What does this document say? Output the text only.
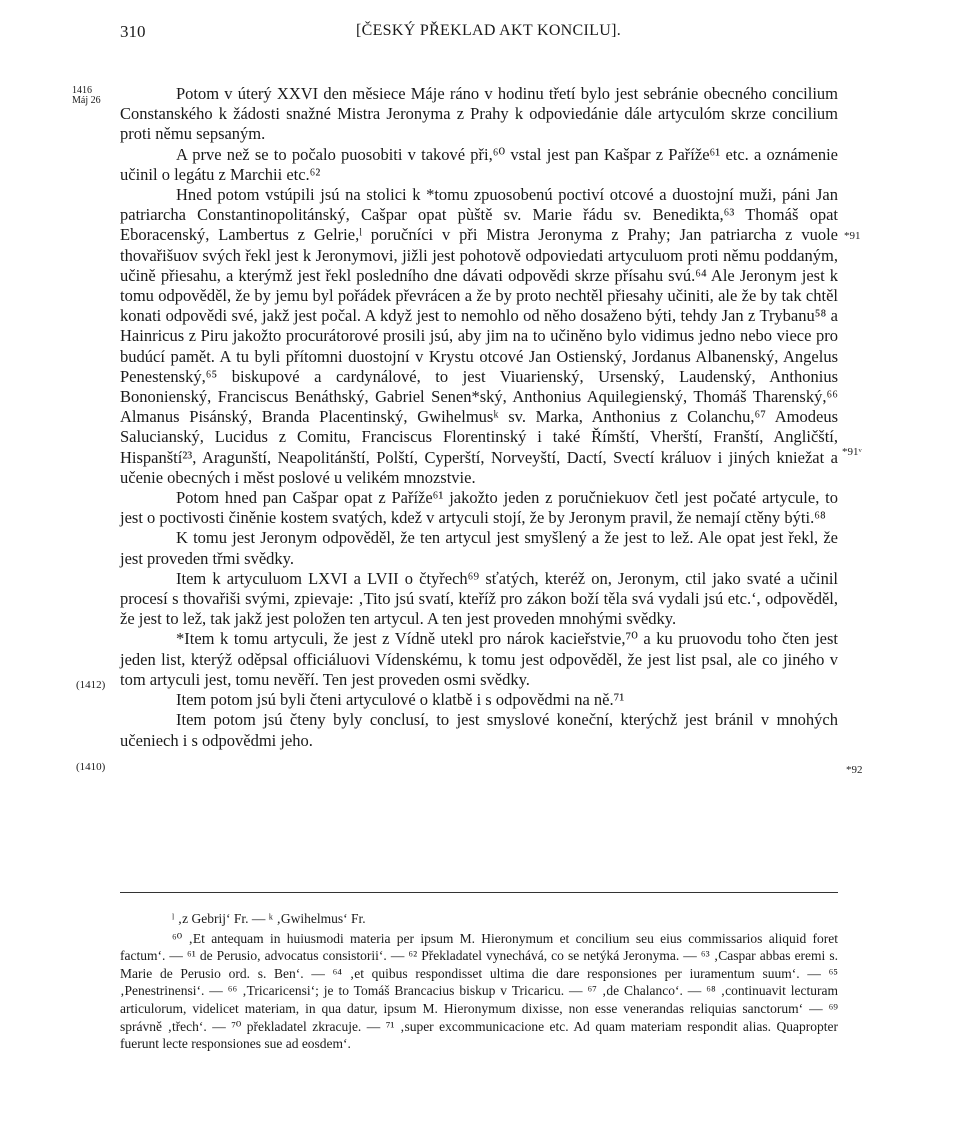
310	[ČESKÝ PŘEKLAD AKT KONCILU].
1416
Máj 26
(1412)
(1410)
*91
*91ᵛ
*92

Potom v úterý XXVI den měsiece Máje ráno v hodinu třetí bylo jest sebránie obecného concilium Constanského k žádosti snažné Mistra Jeronyma z Prahy k odpoviedánie dále artyculóm skrze concilium proti němu sepsaným.

A prve než se to počalo puosobiti v takové při,⁶⁰ vstal jest pan Kašpar z Paříže⁶¹ etc. a oznámenie učinil o legátu z Marchii etc.⁶²

Hned potom vstúpili jsú na stolici k *tomu zpuosobenú poctiví otcové a duostojní muži, páni Jan patriarcha Constantinopolitánský, Cašpar opat pùště sv. Marie řádu sv. Benedikta,⁶³ Thomáš opat Eboracenský, Lambertus z Gelrie,ˡ poručníci v při Mistra Jeronyma z Prahy; Jan patriarcha z vuole thovařišuov svých řekl jest k Jeronymovi, jižli jest pohotově odpoviedati artyculuom proti němu poddaným, učině přiesahu, a kterýmž jest řekl posledního dne dávati odpovědi skrze přísahu svú.⁶⁴ Ale Jeronym jest k tomu odpověděl, že by jemu byl pořádek převrácen a že by proto nechtěl přiesahy učiniti, ale že by tak chtěl konati odpovědi své, jakž jest počal. A když jest to nemohlo od něho dosaženo býti, tehdy Jan z Trybanu⁵⁸ a Hainricus z Piru jakožto procurátorové prosili jsú, aby jim na to učiněno bylo vidimus jedno nebo viece pro budúcí pamět. A tu byli přítomni duostojní v Krystu otcové Jan Ostienský, Jordanus Albanenský, Angelus Penestenský,⁶⁵ biskupové a cardynálové, to jest Viuarienský, Ursenský, Laudenský, Anthonius Bononienský, Franciscus Benáthský, Gabriel Senen*ský, Anthonius Aquilegienský, Thomáš Tharenský,⁶⁶ Almanus Pisánský, Branda Placentinský, Gwihelmusᵏ sv. Marka, Anthonius z Colanchu,⁶⁷ Amodeus Salucianský, Lucidus z Comitu, Franciscus Florentinský i také Římští, Vherští, Franští, Angličští, Hispanští²³, Aragunští, Neapolitánští, Polští, Cyperští, Norveyští, Dactí, Svectí králuov i jiných kniežat a učenie obecných i měst poslové u velikém mnozstvie.

Potom hned pan Cašpar opat z Paříže⁶¹ jakožto jeden z poručniekuov četl jest počaté artycule, to jest o poctivosti činěnie kostem svatých, kdež v artyculi stojí, že by Jeronym pravil, že nemají ctěny býti.⁶⁸

K tomu jest Jeronym odpověděl, že ten artycul jest smyšlený a že jest to lež. Ale opat jest řekl, že jest proveden třmi svědky.

Item k artyculuom LXVI a LVII o čtyřech⁶⁹ sťatých, kteréž on, Jeronym, ctil jako svaté a učinil procesí s thovařiši svými, zpievaje: ‚Tito jsú svatí, kteříž pro zákon boží těla svá vydali jsú etc.‘, odpověděl, že jest to lež, tak jakž jest položen ten artycul. A ten jest proveden mnohými svědky.

*Item k tomu artyculi, že jest z Vídně utekl pro nárok kacieřstvie,⁷⁰ a ku pruovodu toho čten jest jeden list, kterýž oděpsal officiáluovi Vídenskému, k tomu jest odpověděl, že jest list psal, ale co jiného v tom artyculi jest, tomu nevěří. Ten jest proveden osmi svědky.

Item potom jsú byli čteni artyculové o klatbě i s odpovědmi na ně.⁷¹

Item potom jsú čteny byly conclusí, to jest smyslové koneční, kterýchž jest bránil v mnohých učeniech i s odpovědmi jeho.

ˡ ‚z Gebrij‘ Fr. — ᵏ ‚Gwihelmus‘ Fr.

⁶⁰ ‚Et antequam in huiusmodi materia per ipsum M. Hieronymum et concilium seu eius commissarios aliquid foret factum‘. — ⁶¹ de Perusio, advocatus consistorii‘. — ⁶² Překladatel vynechává, co se netýká Jeronyma. — ⁶³ ‚Caspar abbas eremi s. Marie de Perusio ord. s. Ben‘. — ⁶⁴ ‚et quibus respondisset ultima die dare responsiones per iuramentum suum‘. — ⁶⁵ ‚Penestrinensi‘. — ⁶⁶ ‚Tricaricensi‘; je to Tomáš Brancacius biskup v Tricaricu. — ⁶⁷ ‚de Chalanco‘. — ⁶⁸ ‚continuavit lecturam articulorum, videlicet materiam, in qua datur, ipsum M. Hieronymum dixisse, non esse venerandas reliquias sanctorum‘ — ⁶⁹ správně ‚třech‘. — ⁷⁰ překladatel zkracuje. — ⁷¹ ‚super excommunicacione etc. Ad quam materiam respondit alias. Quapropter fuerunt lecte responsiones sue ad eosdem‘.
